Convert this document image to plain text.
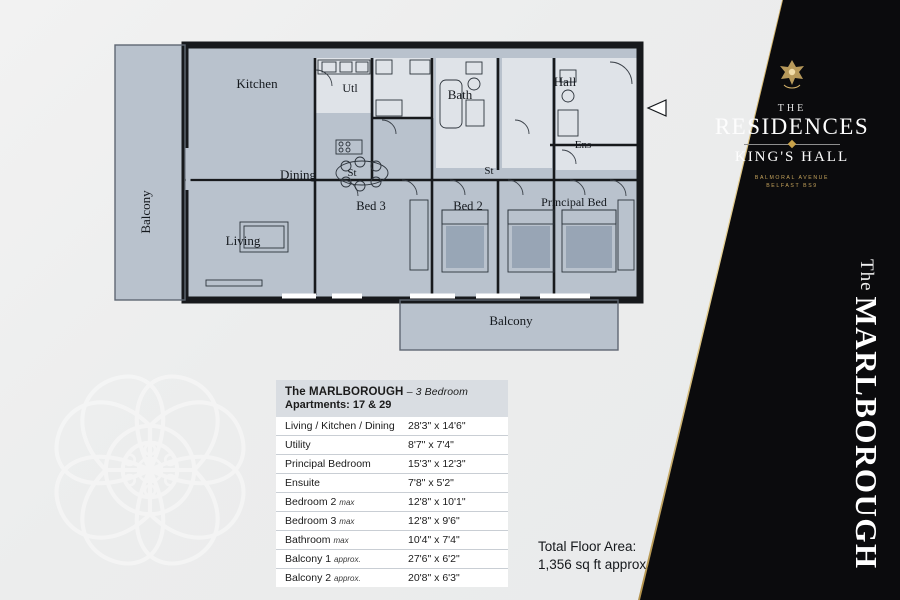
THE
RESIDENCES
KING'S HALL
BALMORAL AVENUE
BELFAST BS9
The MARLBOROUGH
Balcony
Kitchen	Utl	Bath
Hall
Ens
Dining	St	St
Living
Bed 3	Bed 2	Principal Bed
Balcony
The MARLBOROUGH – 3 Bedroom
Apartments: 17 & 29
Living / Kitchen / Dining	28'3" x 14'6"
Utility	8'7" x 7'4"
Principal Bedroom	15'3" x 12'3"
Ensuite	7'8" x 5'2"
Bedroom 2 max	12'8" x 10'1"
Bedroom 3 max	12'8" x 9'6"
Bathroom max	10'4" x 7'4"
Balcony 1 approx.	27'6" x 6'2"
Balcony 2 approx.	20'8" x 6'3"
Total Floor Area:
1,356 sq ft approx.
